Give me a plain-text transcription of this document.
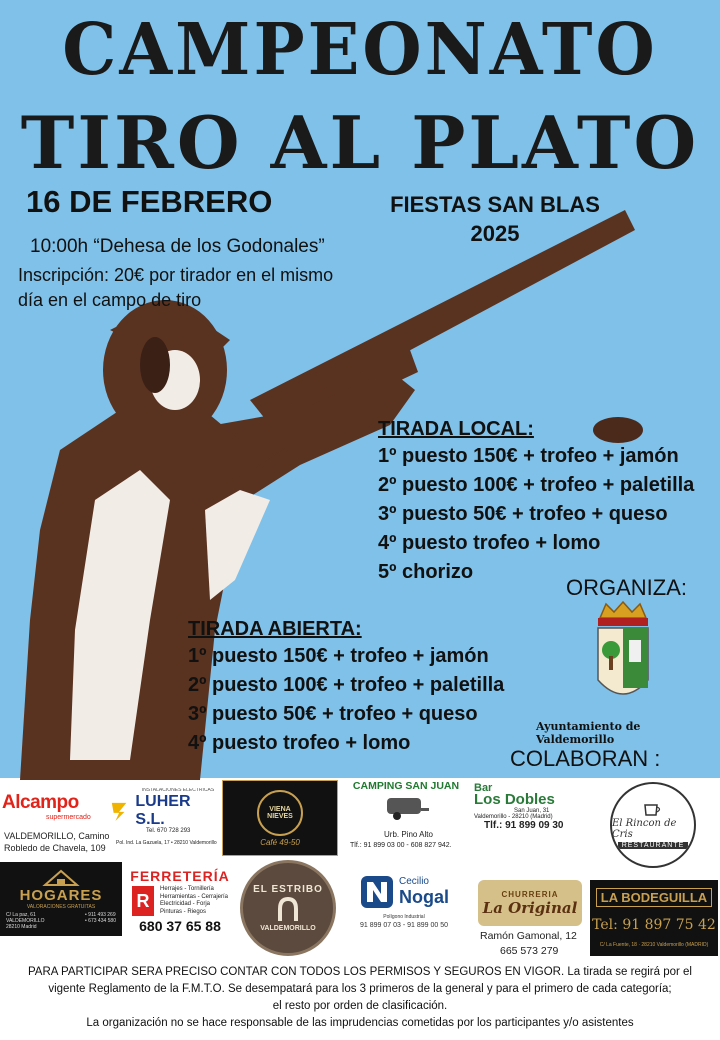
CAMPEONATO
TIRO AL PLATO
16 DE FEBRERO	FIESTAS SAN BLAS
2025
10:00h “Dehesa de los Godonales”
Inscripción: 20€ por tirador en el mismo
día en el campo de tiro
TIRADA LOCAL:
1º puesto 150€ + trofeo + jamón
2º puesto 100€ + trofeo + paletilla
3º puesto 50€ + trofeo + queso
4º puesto trofeo + lomo
5º chorizo
TIRADA ABIERTA:
1º puesto 150€ + trofeo + jamón
2º puesto 100€ + trofeo + paletilla
3º puesto 50€ + trofeo + queso
4º puesto trofeo + lomo
ORGANIZA:
Ayuntamiento de Valdemorillo
COLABORAN :
Alcampo
supermercado
VALDEMORILLO, Camino
Robledo de Chavela, 109
INSTALACIONES ELÉCTRICAS
LUHER S.L.
Tel. 670 728 293
Pol. Ind. La Gazuela, 17 • 28210 Valdemorillo
VIENA NIEVES
Café 49-50
CAMPING SAN JUAN
Urb. Pino Alto
Tlf.: 91 899 03 00 - 608 827 942.
Bar
Los Dobles
San Juan, 31
Valdemorillo - 28210 (Madrid)
Tlf.: 91 899 09 30	El Rincon de Cris
RESTAURANTE
HOGARES
VALORACIONES GRATUITAS
C/ La paz, 61
VALDEMORILLO
28210 Madrid
• 911 493 269
• 673 434 580
FERRETERÍA
R
Herrajes - Tornillería
Herramientas - Cerrajería
Electricidad - Forja
Pinturas - Riegos
680 37 65 88
EL ESTRIBO
VALDEMORILLO
Cecilio
Nogal
Polígono Industrial
91 899 07 03 - 91 899 00 50
CHURRERIA
La Original
Ramón Gamonal, 12
665 573 279
LA BODEGUILLA
Tel: 91 897 75 42
C/ La Fuente, 18 · 28210 Valdemorillo (MADRID)
PARA PARTICIPAR SERA PRECISO CONTAR CON TODOS LOS PERMISOS Y SEGUROS EN VIGOR. La tirada se regirá por el
vigente Reglamento de la F.M.T.O. Se desempatará para los 3 primeros de la general y para el primero de cada categoría;
el resto por orden de clasificación.
La organización no se hace responsable de las imprudencias cometidas por los participantes y/o asistentes
